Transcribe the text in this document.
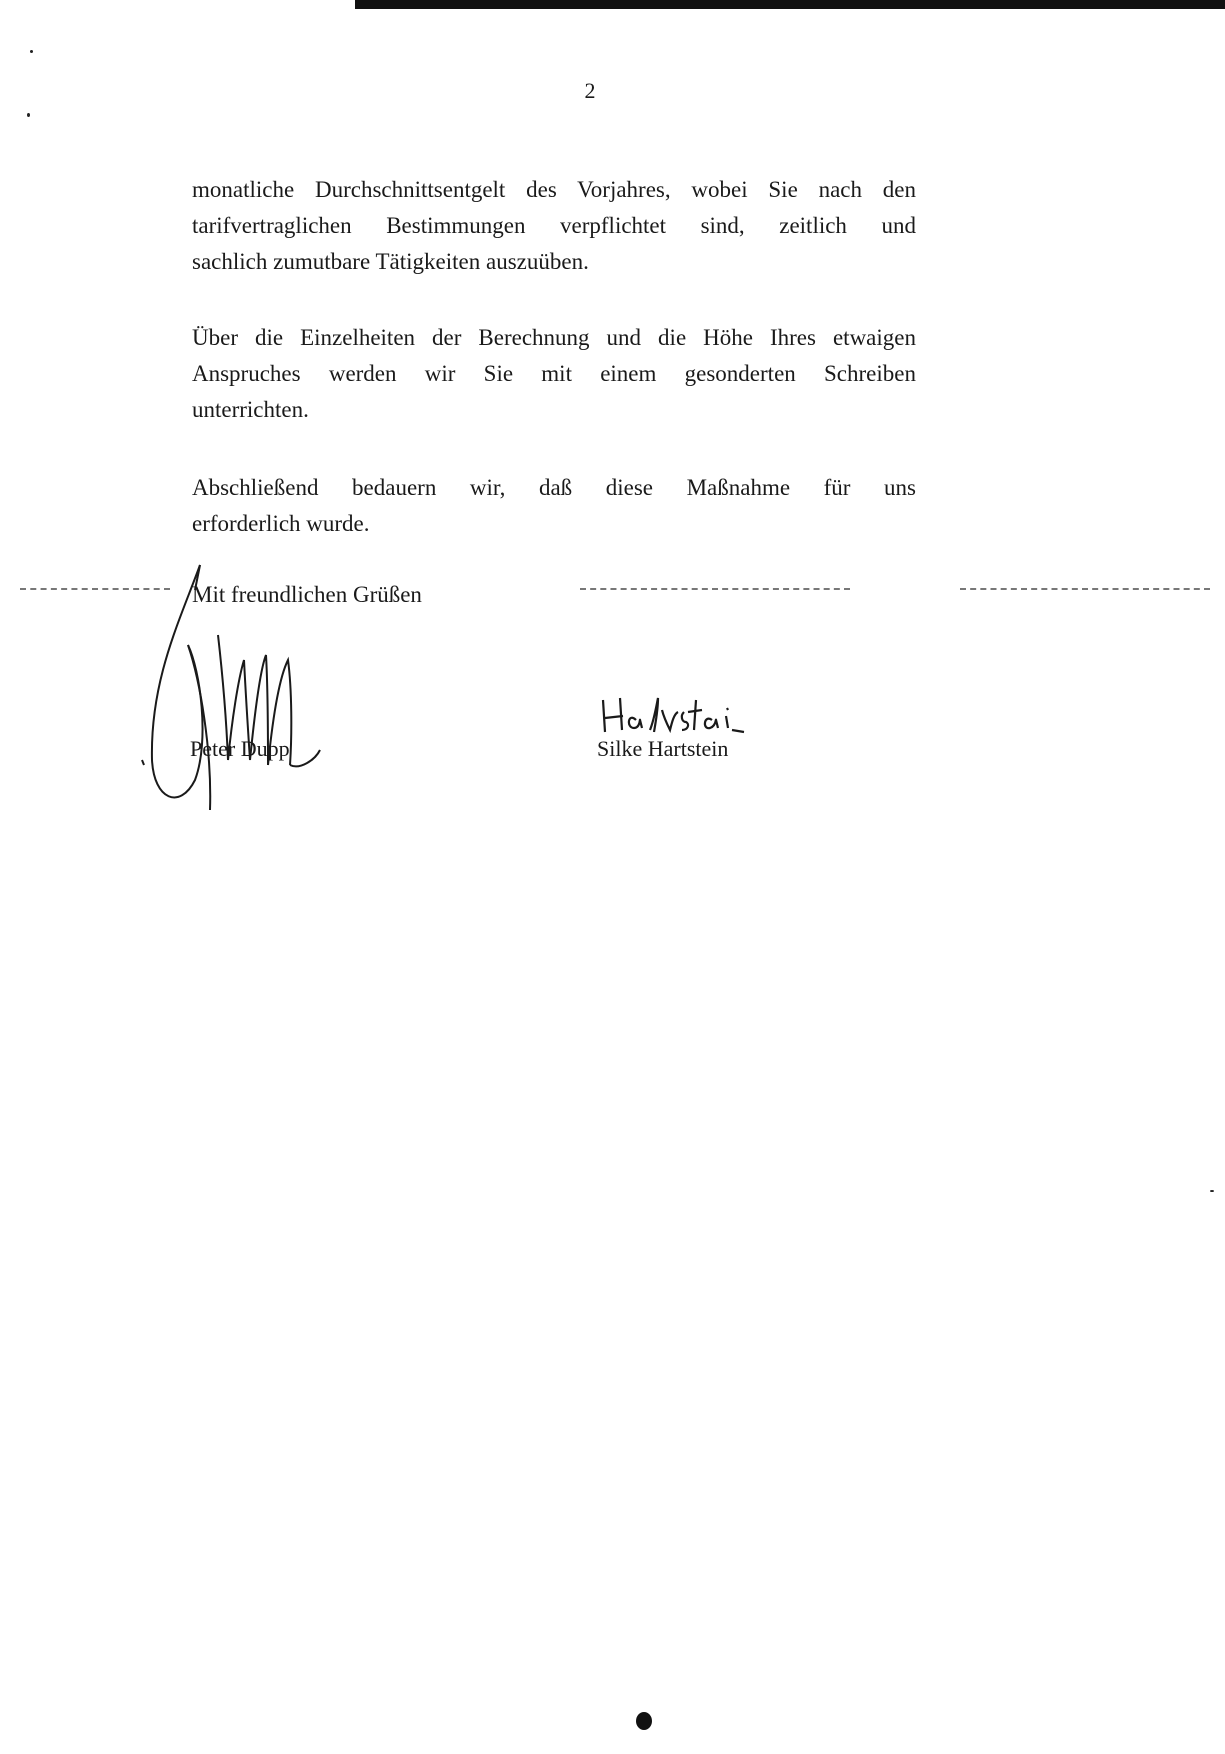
2
monatliche Durchschnittsentgelt des Vorjahres, wobei Sie nach den
tarifvertraglichen Bestimmungen verpflichtet sind, zeitlich und
sachlich zumutbare Tätigkeiten auszuüben.
Über die Einzelheiten der Berechnung und die Höhe Ihres etwaigen
Anspruches werden wir Sie mit einem gesonderten Schreiben
unterrichten.
Abschließend bedauern wir, daß diese Maßnahme für uns
erforderlich wurde.
Mit freundlichen Grüßen
Peter Dupp	Silke Hartstein
